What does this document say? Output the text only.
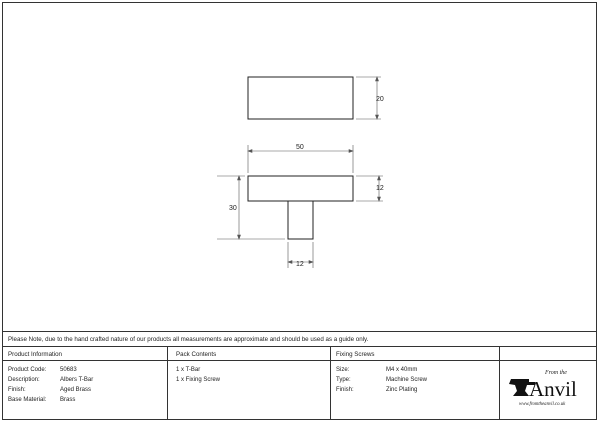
20
50
12
30
12
Please Note, due to the hand crafted nature of our products all measurements are approximate and should be used as a guide only.
Product Information
Product Code: 50683
Description:	Albers T-Bar
Finish:	Aged Brass
Base Material: Brass
Pack Contents
1 x T-Bar
1 x Fixing Screw
Fixing Screws
Size:	M4 x 40mm
Type:	Machine Screw
Finish:	Zinc Plating
From the
Anvil
www.fromtheanvil.co.uk
